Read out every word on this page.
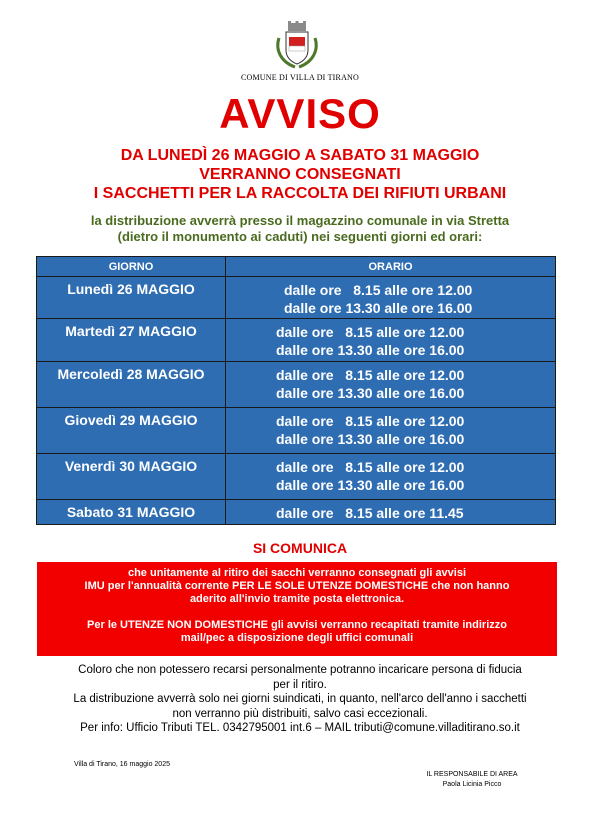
COMUNE DI VILLA DI TIRANO
AVVISO
DA LUNEDÌ 26 MAGGIO A SABATO 31 MAGGIO
VERRANNO CONSEGNATI
I SACCHETTI PER LA RACCOLTA DEI RIFIUTI URBANI
la distribuzione avverrà presso il magazzino comunale in via Stretta
(dietro il monumento ai caduti) nei seguenti giorni ed orari:
GIORNO	ORARIO
Lunedì 26 MAGGIO	dalle ore   8.15 alle ore 12.00
dalle ore 13.30 alle ore 16.00

Martedì 27 MAGGIO	dalle ore   8.15 alle ore 12.00
dalle ore 13.30 alle ore 16.00

Mercoledì 28 MAGGIO	dalle ore   8.15 alle ore 12.00
dalle ore 13.30 alle ore 16.00

Giovedì 29 MAGGIO	dalle ore   8.15 alle ore 12.00
dalle ore 13.30 alle ore 16.00

Venerdì 30 MAGGIO	dalle ore   8.15 alle ore 12.00
dalle ore 13.30 alle ore 16.00

Sabato 31 MAGGIO	dalle ore   8.15 alle ore 11.45
SI COMUNICA

che unitamente al ritiro dei sacchi verranno consegnati gli avvisi

IMU per l'annualità corrente PER LE SOLE UTENZE DOMESTICHE che non hanno

aderito all'invio tramite posta elettronica.

Per le UTENZE NON DOMESTICHE gli avvisi verranno recapitati tramite indirizzo

mail/pec a disposizione degli uffici comunali

Coloro che non potessero recarsi personalmente potranno incaricare persona di fiducia

per il ritiro.

La distribuzione avverrà solo nei giorni suindicati, in quanto, nell'arco dell'anno i sacchetti

non verranno più distribuiti, salvo casi eccezionali.

Per info: Ufficio Tributi TEL. 0342795001 int.6 – MAIL tributi@comune.villaditirano.so.it

Villa di Tirano, 16 maggio 2025
IL RESPONSABILE DI AREA
Paola Licinia Picco
